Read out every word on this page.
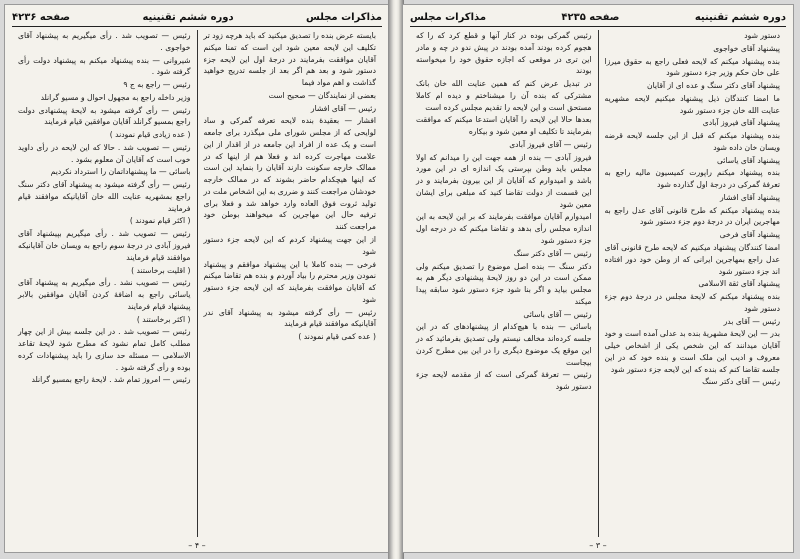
مذاکرات مجلس
دوره ششم تقنینیه
صفحه ۴۲۳۶

بایسته عرض بنده را تصدیق میکنید که باید هرچه زود تر تکلیف این لایحه معین شود این است که تمنا میکنم آقایان موافقت بفرمایند در درجهٔ اول این لایحه جزء دستور شود و بعد هم اگر بعد از جلسه تدریج خواهید گذاشت و اهم مواد فیما

بعضی از نمایندگان — صحیح است

رئیس — آقای افشار

افشار — بعقیدهٔ بنده لایحه تعرفه گمرکی و ساد لوایحی که از مجلس شورای ملی میگذرد برای جامعه است و یک عده از افراد این جامعه در از اقدار از این علامت مهاجرت کرده اند و فعلا هم از اینها که در ممالک خارجه سکونت دارند آقایان را بنماید این است که اینها هیچکدام حاضر بشوند که در ممالک خارجه خودشان مراجعت کنند و ضرری به این اشخاص ملت در تولید ثروت فوق العاده وارد خواهد شد و فعلا برای ترفیه حال این مهاجرین که میخواهند بوطن خود مراجعت کنند

از این جهت پیشنهاد کردم که این لایحه جزء دستور شود

فرخی — بنده کاملا با این پیشنهاد موافقم و پیشنهاد نمودن وزیر محترم را بیاد آوردم و بنده هم تقاضا میکنم که آقایان موافقت بفرمایند که این لایحه جزء دستور شود

رئیس — رأی گرفته میشود به پیشنهاد آقای ندر آقایانیکه موافقند قیام فرمایند

( عده کمی قیام نمودند )

رئیس — تصویب شد . رأی میگیریم به پیشنهاد آقای خواجوی .

شیروانی — بنده پیشنهاد میکنم به پیشنهاد دولت رأی گرفته شود .

رئیس — راجع به ج ۹

وزیر داخله راجع به مجهول احوال و مسیو گرانلد

رئیس — رأی گرفته میشود به لایحهٔ پیشنهادی دولت راجع بمسیو گرانلد آقایان موافقین قیام فرمایند

( عده زیادی قیام نمودند )

رئیس — تصویب شد . حالا که این لایحه در رأی داوید خوب است که آقایان آن معلوم بشود .

باسائی — ما پیشنهاداتمان را استرداد نکردیم

رئیس — رأی گرفته میشود به پیشنهاد آقای دکتر سنگ راجع بمشهریه عنایت الله خان آقایانیکه موافقند قیام فرمایند

( اکثر قیام نمودند )

رئیس — تصویب شد . رأی میگیریم بپیشنهاد آقای فیروز آبادی در درجهٔ سوم راجع به ویسان خان آقایانیکه موافقند قیام فرمایند

( اقلیت برخاستند )

رئیس — تصویب نشد . رأی میگیریم به پیشنهاد آقای یاسائی راجع به اضافهٔ کردن آقایان موافقین بالابر پیشنهاد قیام فرمایند

( اکثر برخاستند )

رئیس — تصویب شد . در این جلسه بیش از این چهار مطلب کامل تمام نشود که مطرح شود لایحهٔ تقاعد الاسلامی — مسئله حد سازی را باید پیشنهادات کرده بوده و رأی گرفته شود .

رئیس — امروز تمام شد . لایحهٔ راجع بمسیو گرانلد

– ۴ –
دوره ششم تقنینیه
صفحه ۴۲۳۵
مذاکرات مجلس

دستور شود

پیشنهاد آقای خواجوی

بنده پیشنهاد میکنم که لایحه فعلی راجع به حقوق میرزا علی خان حکم وزیر جزء دستور شود

پیشنهاد آقای دکتر سنگ و عده ای از آقایان

ما امضا کنندگان ذیل پیشنهاد میکنیم لایحه مشهریه عنایت الله خان جزء دستور شود

پیشنهاد آقای فیروز آبادی

بنده پیشنهاد میکنم که قبل از این جلسه لایحه قرضه ویسان خان داده شود

پیشنهاد آقای یاسائی

بنده پیشنهاد میکنم راپورت کمیسیون مالیه راجع به تعرفهٔ گمرکی در درجهٔ اول گذارده شود

پیشنهاد آقای افشار

بنده پیشنهاد میکنم که طرح قانونی آقای عدل راجع به مهاجرین ایران در درجهٔ دوم جزء دستور شود

پیشنهاد آقای فرخی

امضا کنندگان پیشنهاد میکنیم که لایحه طرح قانونی آقای عدل راجع بمهاجرین ایرانی که از وطن خود دور افتاده اند جزء دستور شود

پیشنهاد آقای ثقة الاسلامی

بنده پیشنهاد میکنم که لایحهٔ مجلس در درجهٔ دوم جزء دستور شود

رئیس — آقای بدر

بدر — این لایحهٔ مشهریهٔ بنده بد عدلی آمده است و خود آقایان میدانند که این شخص یکی از اشخاص خیلی معروف و ادیب این ملک است و بنده خود که در این جلسه تقاضا کنم که بنده که این لایحه جزء دستور شود

رئیس — آقای دکتر سنگ

رئیس گمرکی بوده در کنار آنها و قطع کرد که را که هجوم کرده بودند آمده بودند در پیش ندو در چه و مادر این تری در موقعی که اجازه حقوق خود را میخواسته بودند

در تبدیل عرض کنم که همین عنایت الله خان بانک مشترکی که بنده آن را میشناختم و دیده ام کاملا مستحق است و این لایحه را تقدیم مجلس کرده است

بعدها حالا این لایحه را آقایان استدعا میکنم که موافقت بفرمایند تا تکلیف او معین شود و بیکاره

رئیس — آقای فیروز آبادی

فیروز آبادی — بنده از همه جهت این را میدانم که اولا مجلس باید وطن بپرستی یک اندازه ای در این مورد باشد و امیدوارم که آقایان از این بیرون بفرمایند و در این قسمت از دولت تقاضا کنید که مبلغی برای ایشان معین شود

امیدوارم آقایان موافقت بفرمایند که بر این لایحه به این اندازه مجلس رأی بدهد و تقاضا میکنم که در درجه اول جزء دستور شود

رئیس — آقای دکتر سنگ

دکتر سنگ — بنده اصل موضوع را تصدیق میکنم ولی ممکن است در این دو روز لایحهٔ پیشنهادی دیگر هم به مجلس بیاید و اگر بنا شود جزء دستور شود سابقه پیدا میکند

رئیس — آقای باسائی

باسائی — بنده با هیچ‌کدام از پیشنهادهای که در این جلسه کرده‌اند مخالف نیستم ولی تصدیق بفرمائید که در این موقع یک موضوع دیگری را در این بین مطرح کردن بیجاست

رئیس — تعرفهٔ گمرکی است که از مقدمه لایحه جزء دستور شود

– ۳ –
